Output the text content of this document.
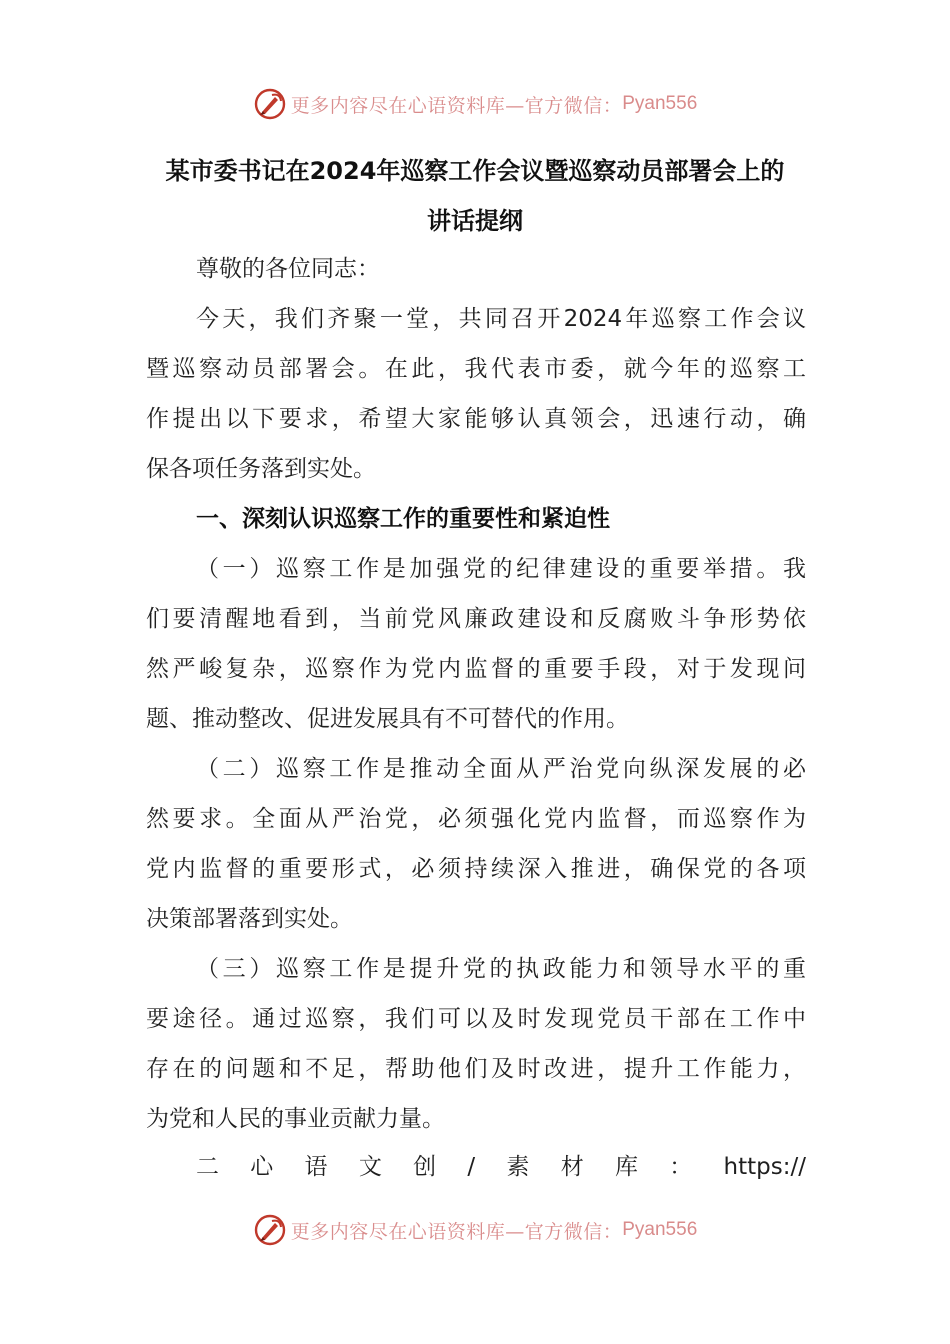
更多内容尽在心语资料库—官方微信： Pyan556
某市委书记在2024年巡察工作会议暨巡察动员部署会上的
讲话提纲
尊敬的各位同志：
今天，我们齐聚一堂，共同召开2024年巡察工作会议
暨巡察动员部署会。在此，我代表市委，就今年的巡察工
作提出以下要求，希望大家能够认真领会，迅速行动，确
保各项任务落到实处。
一、深刻认识巡察工作的重要性和紧迫性
（一）巡察工作是加强党的纪律建设的重要举措。我
们要清醒地看到，当前党风廉政建设和反腐败斗争形势依
然严峻复杂，巡察作为党内监督的重要手段，对于发现问
题、推动整改、促进发展具有不可替代的作用。
（二）巡察工作是推动全面从严治党向纵深发展的必
然要求。全面从严治党，必须强化党内监督，而巡察作为
党内监督的重要形式，必须持续深入推进，确保党的各项
决策部署落到实处。
（三）巡察工作是提升党的执政能力和领导水平的重
要途径。通过巡察，我们可以及时发现党员干部在工作中
存在的问题和不足，帮助他们及时改进，提升工作能力，
为党和人民的事业贡献力量。
二心语文创/素材库：https://
更多内容尽在心语资料库—官方微信： Pyan556
